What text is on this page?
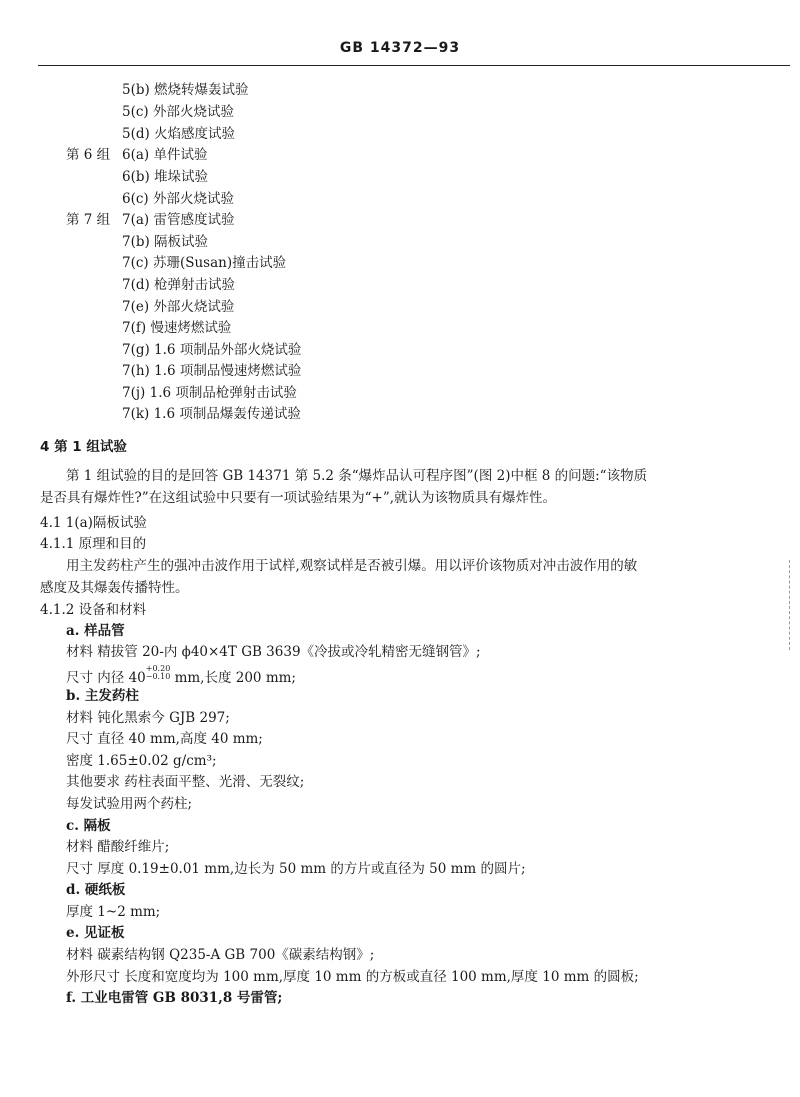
GB 14372—93
5(b) 燃烧转爆轰试验
5(c) 外部火烧试验
5(d) 火焰感度试验
第 6 组 6(a) 单件试验
6(b) 堆垛试验
6(c) 外部火烧试验
第 7 组 7(a) 雷管感度试验
7(b) 隔板试验
7(c) 苏珊(Susan)撞击试验
7(d) 枪弹射击试验
7(e) 外部火烧试验
7(f) 慢速烤燃试验
7(g) 1.6 项制品外部火烧试验
7(h) 1.6 项制品慢速烤燃试验
7(j) 1.6 项制品枪弹射击试验
7(k) 1.6 项制品爆轰传递试验
4 第 1 组试验
第 1 组试验的目的是回答 GB 14371 第 5.2 条“爆炸品认可程序图”(图 2)中框 8 的问题:“该物质
是否具有爆炸性?”在这组试验中只要有一项试验结果为“+”,就认为该物质具有爆炸性。
4.1 1(a)隔板试验
4.1.1 原理和目的
用主发药柱产生的强冲击波作用于试样,观察试样是否被引爆。用以评价该物质对冲击波作用的敏
感度及其爆轰传播特性。
4.1.2 设备和材料
a. 样品管
材料 精拔管 20-内 ϕ40×4T GB 3639《冷拔或冷轧精密无缝钢管》;
尺寸 内径 40
$^{+0.20 -0.10}$ mm,长度 200 mm;
b. 主发药柱
材料 钝化黑索今 GJB 297;
尺寸 直径 40 mm,高度 40 mm;
密度 1.65±0.02 g/cm³;
其他要求 药柱表面平整、光滑、无裂纹;
每发试验用两个药柱;
c. 隔板
材料 醋酸纤维片;
尺寸 厚度 0.19±0.01 mm,边长为 50 mm 的方片或直径为 50 mm 的圆片;
d. 硬纸板
厚度 1~2 mm;
e. 见证板
材料 碳素结构钢 Q235-A GB 700《碳素结构钢》;
外形尺寸 长度和宽度均为 100 mm,厚度 10 mm 的方板或直径 100 mm,厚度 10 mm 的圆板;
f. 工业电雷管 GB 8031,8 号雷管;
